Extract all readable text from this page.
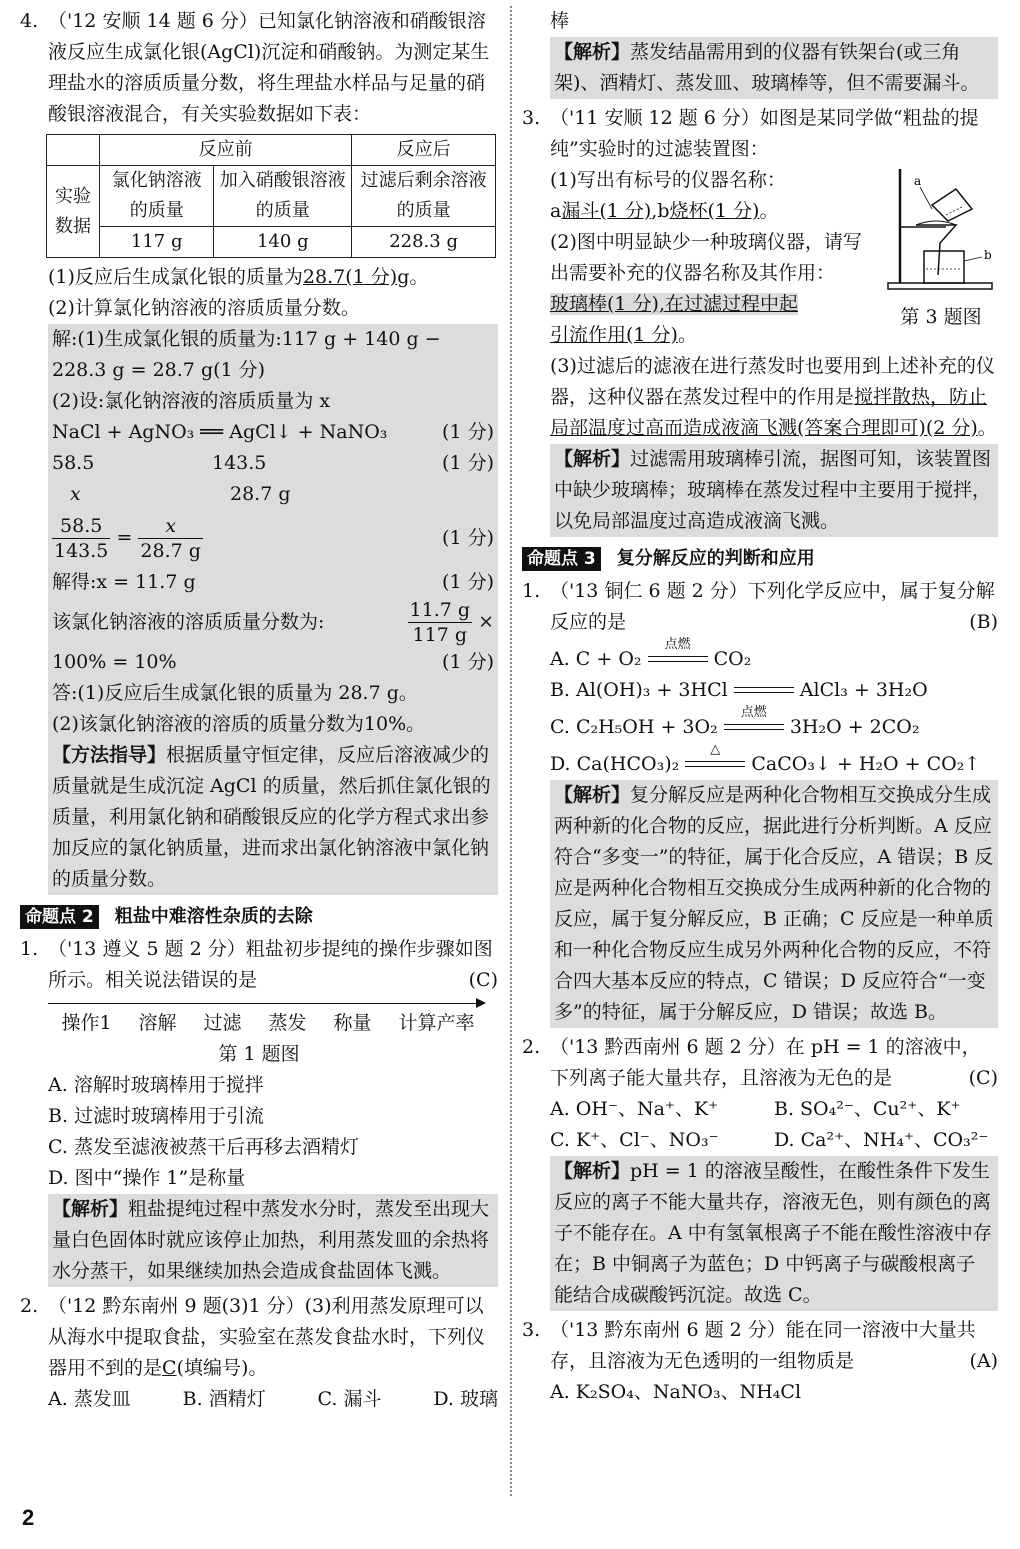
4. （'12 安顺 14 题 6 分）已知氯化钠溶液和硝酸银溶液反应生成氯化银(AgCl)沉淀和硝酸钠。为测定某生理盐水的溶质质量分数，将生理盐水样品与足量的硝酸银溶液混合，有关实验数据如下表：

	反应前		反应后
实验数据	氯化钠溶液的质量	加入硝酸银溶液的质量	过滤后剩余溶液的质量
	117 g	140 g	228.3 g

(1)反应后生成氯化银的质量为28.7(1 分)g。

(2)计算氯化钠溶液的溶质质量分数。

解:(1)生成氯化银的质量为:117 g + 140 g − 228.3 g = 28.7 g(1 分)

(2)设:氯化钠溶液的溶质质量为 x

NaCl + AgNO₃ ══ AgCl↓ + NaNO₃	(1 分)
58.5	143.5	(1 分)
x	28.7 g
$\frac{58.5}{143.5} = \frac{x}{28.7 g}$	(1 分)
解得:x = 11.7 g	(1 分)
该氯化钠溶液的溶质质量分数为:	$\frac{11.7 g}{117 g}$ ×
100% = 10%	(1 分)

答:(1)反应后生成氯化银的质量为 28.7 g。

(2)该氯化钠溶液的溶质的质量分数为10%。

【方法指导】根据质量守恒定律，反应后溶液减少的质量就是生成沉淀 AgCl 的质量，然后抓住氯化银的质量，利用氯化钠和硝酸银反应的化学方程式求出参加反应的氯化钠质量，进而求出氯化钠溶液中氯化钠的质量分数。

命题点 2 粗盐中难溶性杂质的去除
1. （'13 遵义 5 题 2 分）粗盐初步提纯的操作步骤如图所示。相关说法错误的是	(C)

操作1 溶解 过滤 蒸发 称量 计算产率

第 1 题图

A. 溶解时玻璃棒用于搅拌

B. 过滤时玻璃棒用于引流

C. 蒸发至滤液被蒸干后再移去酒精灯

D. 图中“操作 1”是称量

【解析】粗盐提纯过程中蒸发水分时，蒸发至出现大量白色固体时就应该停止加热，利用蒸发皿的余热将水分蒸干，如果继续加热会造成食盐固体飞溅。

2. （'12 黔东南州 9 题(3)1 分）(3)利用蒸发原理可以从海水中提取食盐，实验室在蒸发食盐水时，下列仪器用不到的是C(填编号)。

A. 蒸发皿	B. 酒精灯	C. 漏斗	D. 玻璃

棒

【解析】蒸发结晶需用到的仪器有铁架台(或三角架)、酒精灯、蒸发皿、玻璃棒等，但不需要漏斗。

3. （'11 安顺 12 题 6 分）如图是某同学做“粗盐的提纯”实验时的过滤装置图：

(1)写出有标号的仪器名称：

a漏斗(1 分),b烧杯(1 分)。

(2)图中明显缺少一种玻璃仪器，请写出需要补充的仪器名称及其作用：

玻璃棒(1 分),在过滤过程中起

a
b
第 3 题图

引流作用(1 分)。

(3)过滤后的滤液在进行蒸发时也要用到上述补充的仪器，这种仪器在蒸发过程中的作用是搅拌散热，防止局部温度过高而造成液滴飞溅(答案合理即可)(2 分)。

【解析】过滤需用玻璃棒引流，据图可知，该装置图中缺少玻璃棒；玻璃棒在蒸发过程中主要用于搅拌，以免局部温度过高造成液滴飞溅。

命题点 3 复分解反应的判断和应用
1. （'13 铜仁 6 题 2 分）下列化学反应中，属于复分解反应的是	(B)

A. C + O₂
点燃
CO₂

B. Al(OH)₃ + 3HCl	AlCl₃ + 3H₂O

C. C₂H₅OH + 3O₂
点燃
3H₂O + 2CO₂

D. Ca(HCO₃)₂
△
CaCO₃↓ + H₂O + CO₂↑

【解析】复分解反应是两种化合物相互交换成分生成两种新的化合物的反应，据此进行分析判断。A 反应符合“多变一”的特征，属于化合反应，A 错误；B 反应是两种化合物相互交换成分生成两种新的化合物的反应，属于复分解反应，B 正确；C 反应是一种单质和一种化合物反应生成另外两种化合物的反应，不符合四大基本反应的特点，C 错误；D 反应符合“一变多”的特征，属于分解反应，D 错误；故选 B。

2. （'13 黔西南州 6 题 2 分）在 pH = 1 的溶液中，下列离子能大量共存，且溶液为无色的是	(C)

A. OH⁻、Na⁺、K⁺	B. SO₄²⁻、Cu²⁺、K⁺
C. K⁺、Cl⁻、NO₃⁻	D. Ca²⁺、NH₄⁺、CO₃²⁻

【解析】pH = 1 的溶液呈酸性，在酸性条件下发生反应的离子不能大量共存，溶液无色，则有颜色的离子不能存在。A 中有氢氧根离子不能在酸性溶液中存在；B 中铜离子为蓝色；D 中钙离子与碳酸根离子能结合成碳酸钙沉淀。故选 C。

3. （'13 黔东南州 6 题 2 分）能在同一溶液中大量共存，且溶液为无色透明的一组物质是	(A)

A. K₂SO₄、NaNO₃、NH₄Cl

2
